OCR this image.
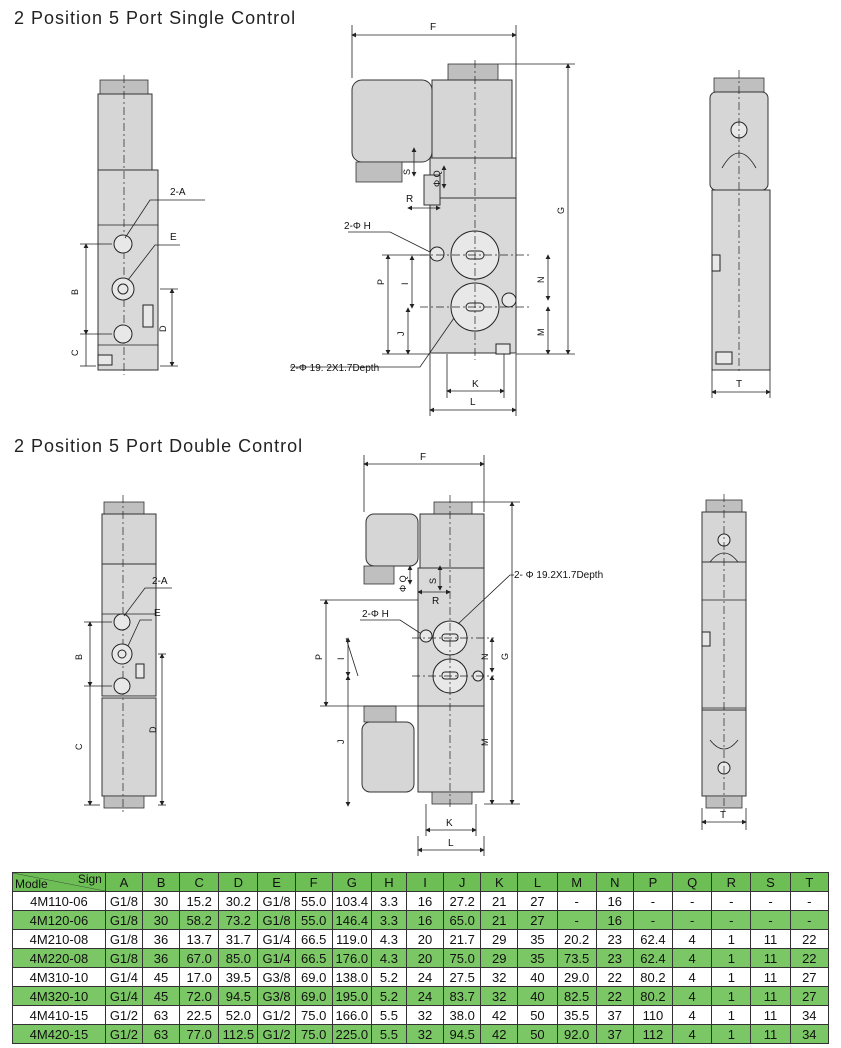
2 Position 5 Port Single Control
2 Position 5 Port Double Control
2-A
E
B
C
D
F
G
S Φ Q
R
2-Φ H
I
P
J
N
M
2-Φ 19. 2X1.7Depth
K
L
T
2-A
E
B
C
D
F
G
Φ Q
R
S	2- Φ 19.2X1.7Depth
2-Φ H
I
P
J
N
M
K
L
T
Sign
Modle	A	B	C	D	E	F	G	H	I	J	K	L	M	N	P	Q	R	S	T
4M110-06	G1/8	30	15.2	30.2	G1/8	55.0	103.4	3.3	16	27.2	21	27	-	16	-	-	-	-	-
4M120-06	G1/8	30	58.2	73.2	G1/8	55.0	146.4	3.3	16	65.0	21	27	-	16	-	-	-	-	-
4M210-08	G1/8	36	13.7	31.7	G1/4	66.5	119.0	4.3	20	21.7	29	35	20.2	23	62.4	4	1	11	22
4M220-08	G1/8	36	67.0	85.0	G1/4	66.5	176.0	4.3	20	75.0	29	35	73.5	23	62.4	4	1	11	22
4M310-10	G1/4	45	17.0	39.5	G3/8	69.0	138.0	5.2	24	27.5	32	40	29.0	22	80.2	4	1	11	27
4M320-10	G1/4	45	72.0	94.5	G3/8	69.0	195.0	5.2	24	83.7	32	40	82.5	22	80.2	4	1	11	27
4M410-15	G1/2	63	22.5	52.0	G1/2	75.0	166.0	5.5	32	38.0	42	50	35.5	37	110	4	1	11	34
4M420-15	G1/2	63	77.0	112.5	G1/2	75.0	225.0	5.5	32	94.5	42	50	92.0	37	112	4	1	11	34
